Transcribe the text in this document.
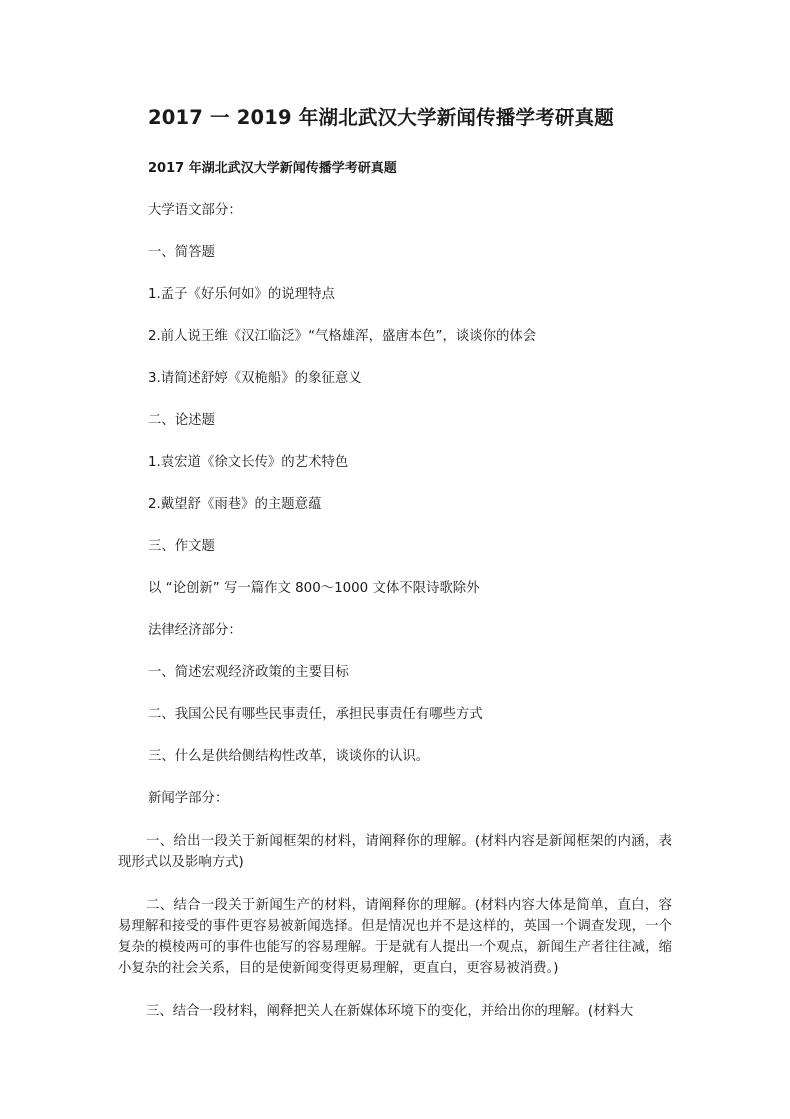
2017 一 2019 年湖北武汉大学新闻传播学考研真题
2017 年湖北武汉大学新闻传播学考研真题

大学语文部分：

一、简答题

1.孟子《好乐何如》的说理特点

2.前人说王维《汉江临泛》“气格雄浑，盛唐本色”，谈谈你的体会

3.请简述舒婷《双桅船》的象征意义

二、论述题

1.袁宏道《徐文长传》的艺术特色

2.戴望舒《雨巷》的主题意蕴

三、作文题

以 “论创新” 写一篇作文 800～1000 文体不限诗歌除外

法律经济部分：

一、简述宏观经济政策的主要目标

二、我国公民有哪些民事责任，承担民事责任有哪些方式

三、什么是供给侧结构性改革，谈谈你的认识。

新闻学部分：

一、给出一段关于新闻框架的材料，请阐释你的理解。(材料内容是新闻框架的内涵，表现形式以及影响方式)

二、结合一段关于新闻生产的材料，请阐释你的理解。(材料内容大体是简单，直白，容易理解和接受的事件更容易被新闻选择。但是情况也并不是这样的，英国一个调查发现，一个复杂的模棱两可的事件也能写的容易理解。于是就有人提出一个观点，新闻生产者往往减，缩小复杂的社会关系，目的是使新闻变得更易理解，更直白，更容易被消费。)

三、结合一段材料，阐释把关人在新媒体环境下的变化，并给出你的理解。(材料大
